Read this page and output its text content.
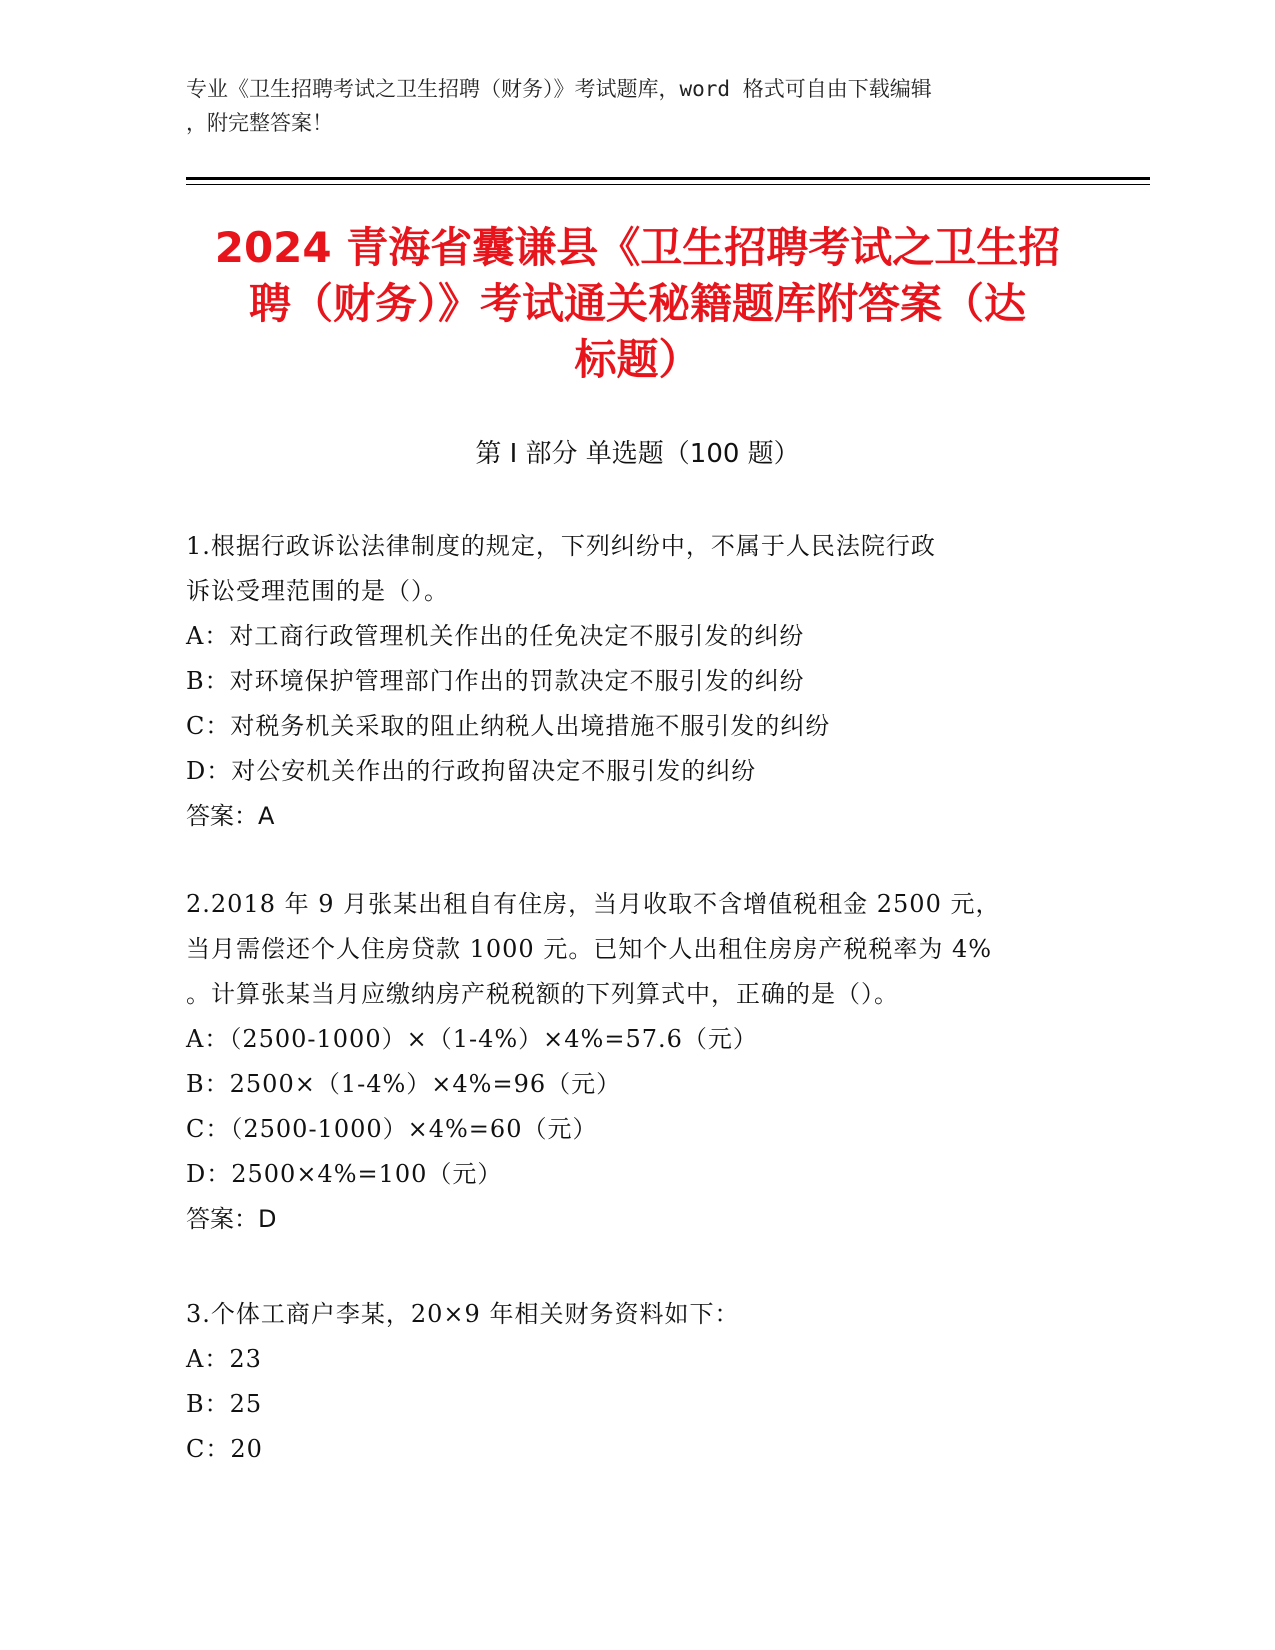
专业《卫生招聘考试之卫生招聘（财务）》考试题库，word 格式可自由下载编辑
，附完整答案！
2024 青海省囊谦县《卫生招聘考试之卫生招
聘（财务）》考试通关秘籍题库附答案（达
标题）
第 I 部分 单选题（100 题）

1.根据行政诉讼法律制度的规定，下列纠纷中，不属于人民法院行政

诉讼受理范围的是（）。

A：对工商行政管理机关作出的任免决定不服引发的纠纷

B：对环境保护管理部门作出的罚款决定不服引发的纠纷

C：对税务机关采取的阻止纳税人出境措施不服引发的纠纷

D：对公安机关作出的行政拘留决定不服引发的纠纷

答案：A

2.2018 年 9 月张某出租自有住房，当月收取不含增值税租金 2500 元，

当月需偿还个人住房贷款 1000 元。已知个人出租住房房产税税率为 4%

。计算张某当月应缴纳房产税税额的下列算式中，正确的是（）。

A：（2500-1000）×（1-4%）×4%=57.6（元）

B：2500×（1-4%）×4%=96（元）

C：（2500-1000）×4%=60（元）

D：2500×4%=100（元）

答案：D

3.个体工商户李某，20×9 年相关财务资料如下：

A：23

B：25

C：20
